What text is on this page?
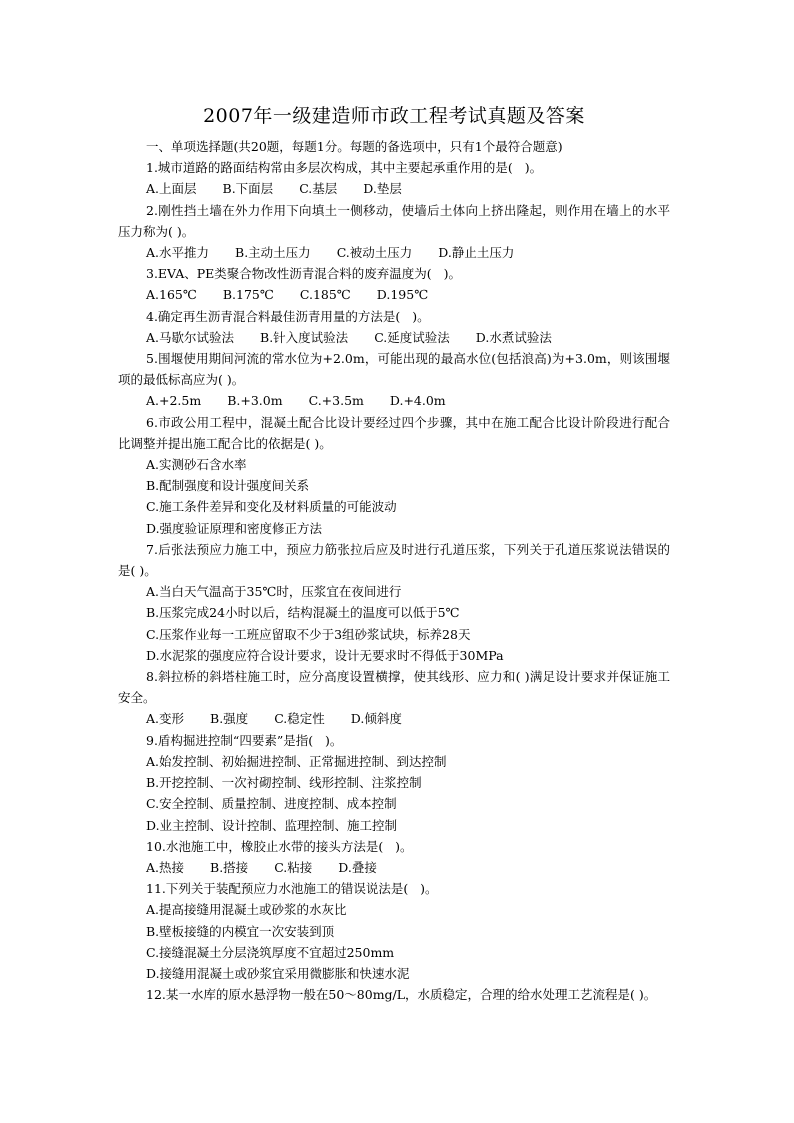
2007年一级建造师市政工程考试真题及答案
一、单项选择题(共20题，每题1分。每题的备选项中，只有1个最符合题意)
1.城市道路的路面结构常由多层次构成，其中主要起承重作用的是(   )。
A.上面层 B.下面层 C.基层 D.垫层
2.刚性挡土墙在外力作用下向填土一侧移动，使墙后土体向上挤出隆起，则作用在墙上的水平压力称为( )。
A.水平推力 B.主动土压力 C.被动土压力 D.静止土压力
3.EVA、PE类聚合物改性沥青混合料的废弃温度为(   )。
A.165℃ B.175℃ C.185℃ D.195℃
4.确定再生沥青混合料最佳沥青用量的方法是(   )。
A.马歇尔试验法 B.针入度试验法 C.延度试验法 D.水煮试验法
5.围堰使用期间河流的常水位为+2.0m，可能出现的最高水位(包括浪高)为+3.0m，则该围堰项的最低标高应为( )。
A.+2.5m B.+3.0m C.+3.5m D.+4.0m
6.市政公用工程中，混凝土配合比设计要经过四个步骤，其中在施工配合比设计阶段进行配合比调整并提出施工配合比的依据是( )。
A.实测砂石含水率
B.配制强度和设计强度间关系
C.施工条件差异和变化及材料质量的可能波动
D.强度验证原理和密度修正方法
7.后张法预应力施工中，预应力筋张拉后应及时进行孔道压浆，下列关于孔道压浆说法错误的是( )。
A.当白天气温高于35℃时，压浆宜在夜间进行
B.压浆完成24小时以后，结构混凝土的温度可以低于5℃
C.压浆作业每一工班应留取不少于3组砂浆试块，标养28天
D.水泥浆的强度应符合设计要求，设计无要求时不得低于30MPa
8.斜拉桥的斜塔柱施工时，应分高度设置横撑，使其线形、应力和( )满足设计要求并保证施工安全。
A.变形 B.强度 C.稳定性 D.倾斜度
9.盾构掘进控制“四要素”是指(   )。
A.始发控制、初始掘进控制、正常掘进控制、到达控制
B.开挖控制、一次衬砌控制、线形控制、注浆控制
C.安全控制、质量控制、进度控制、成本控制
D.业主控制、设计控制、监理控制、施工控制
10.水池施工中，橡胶止水带的接头方法是(   )。
A.热接 B.搭接 C.粘接 D.叠接
11.下列关于装配预应力水池施工的错误说法是(   )。
A.提高接缝用混凝土或砂浆的水灰比
B.壁板接缝的内模宜一次安装到顶
C.接缝混凝土分层浇筑厚度不宜超过250mm
D.接缝用混凝土或砂浆宜采用微膨胀和快速水泥
12.某一水库的原水悬浮物一般在50～80mg/L，水质稳定，合理的给水处理工艺流程是( )。
